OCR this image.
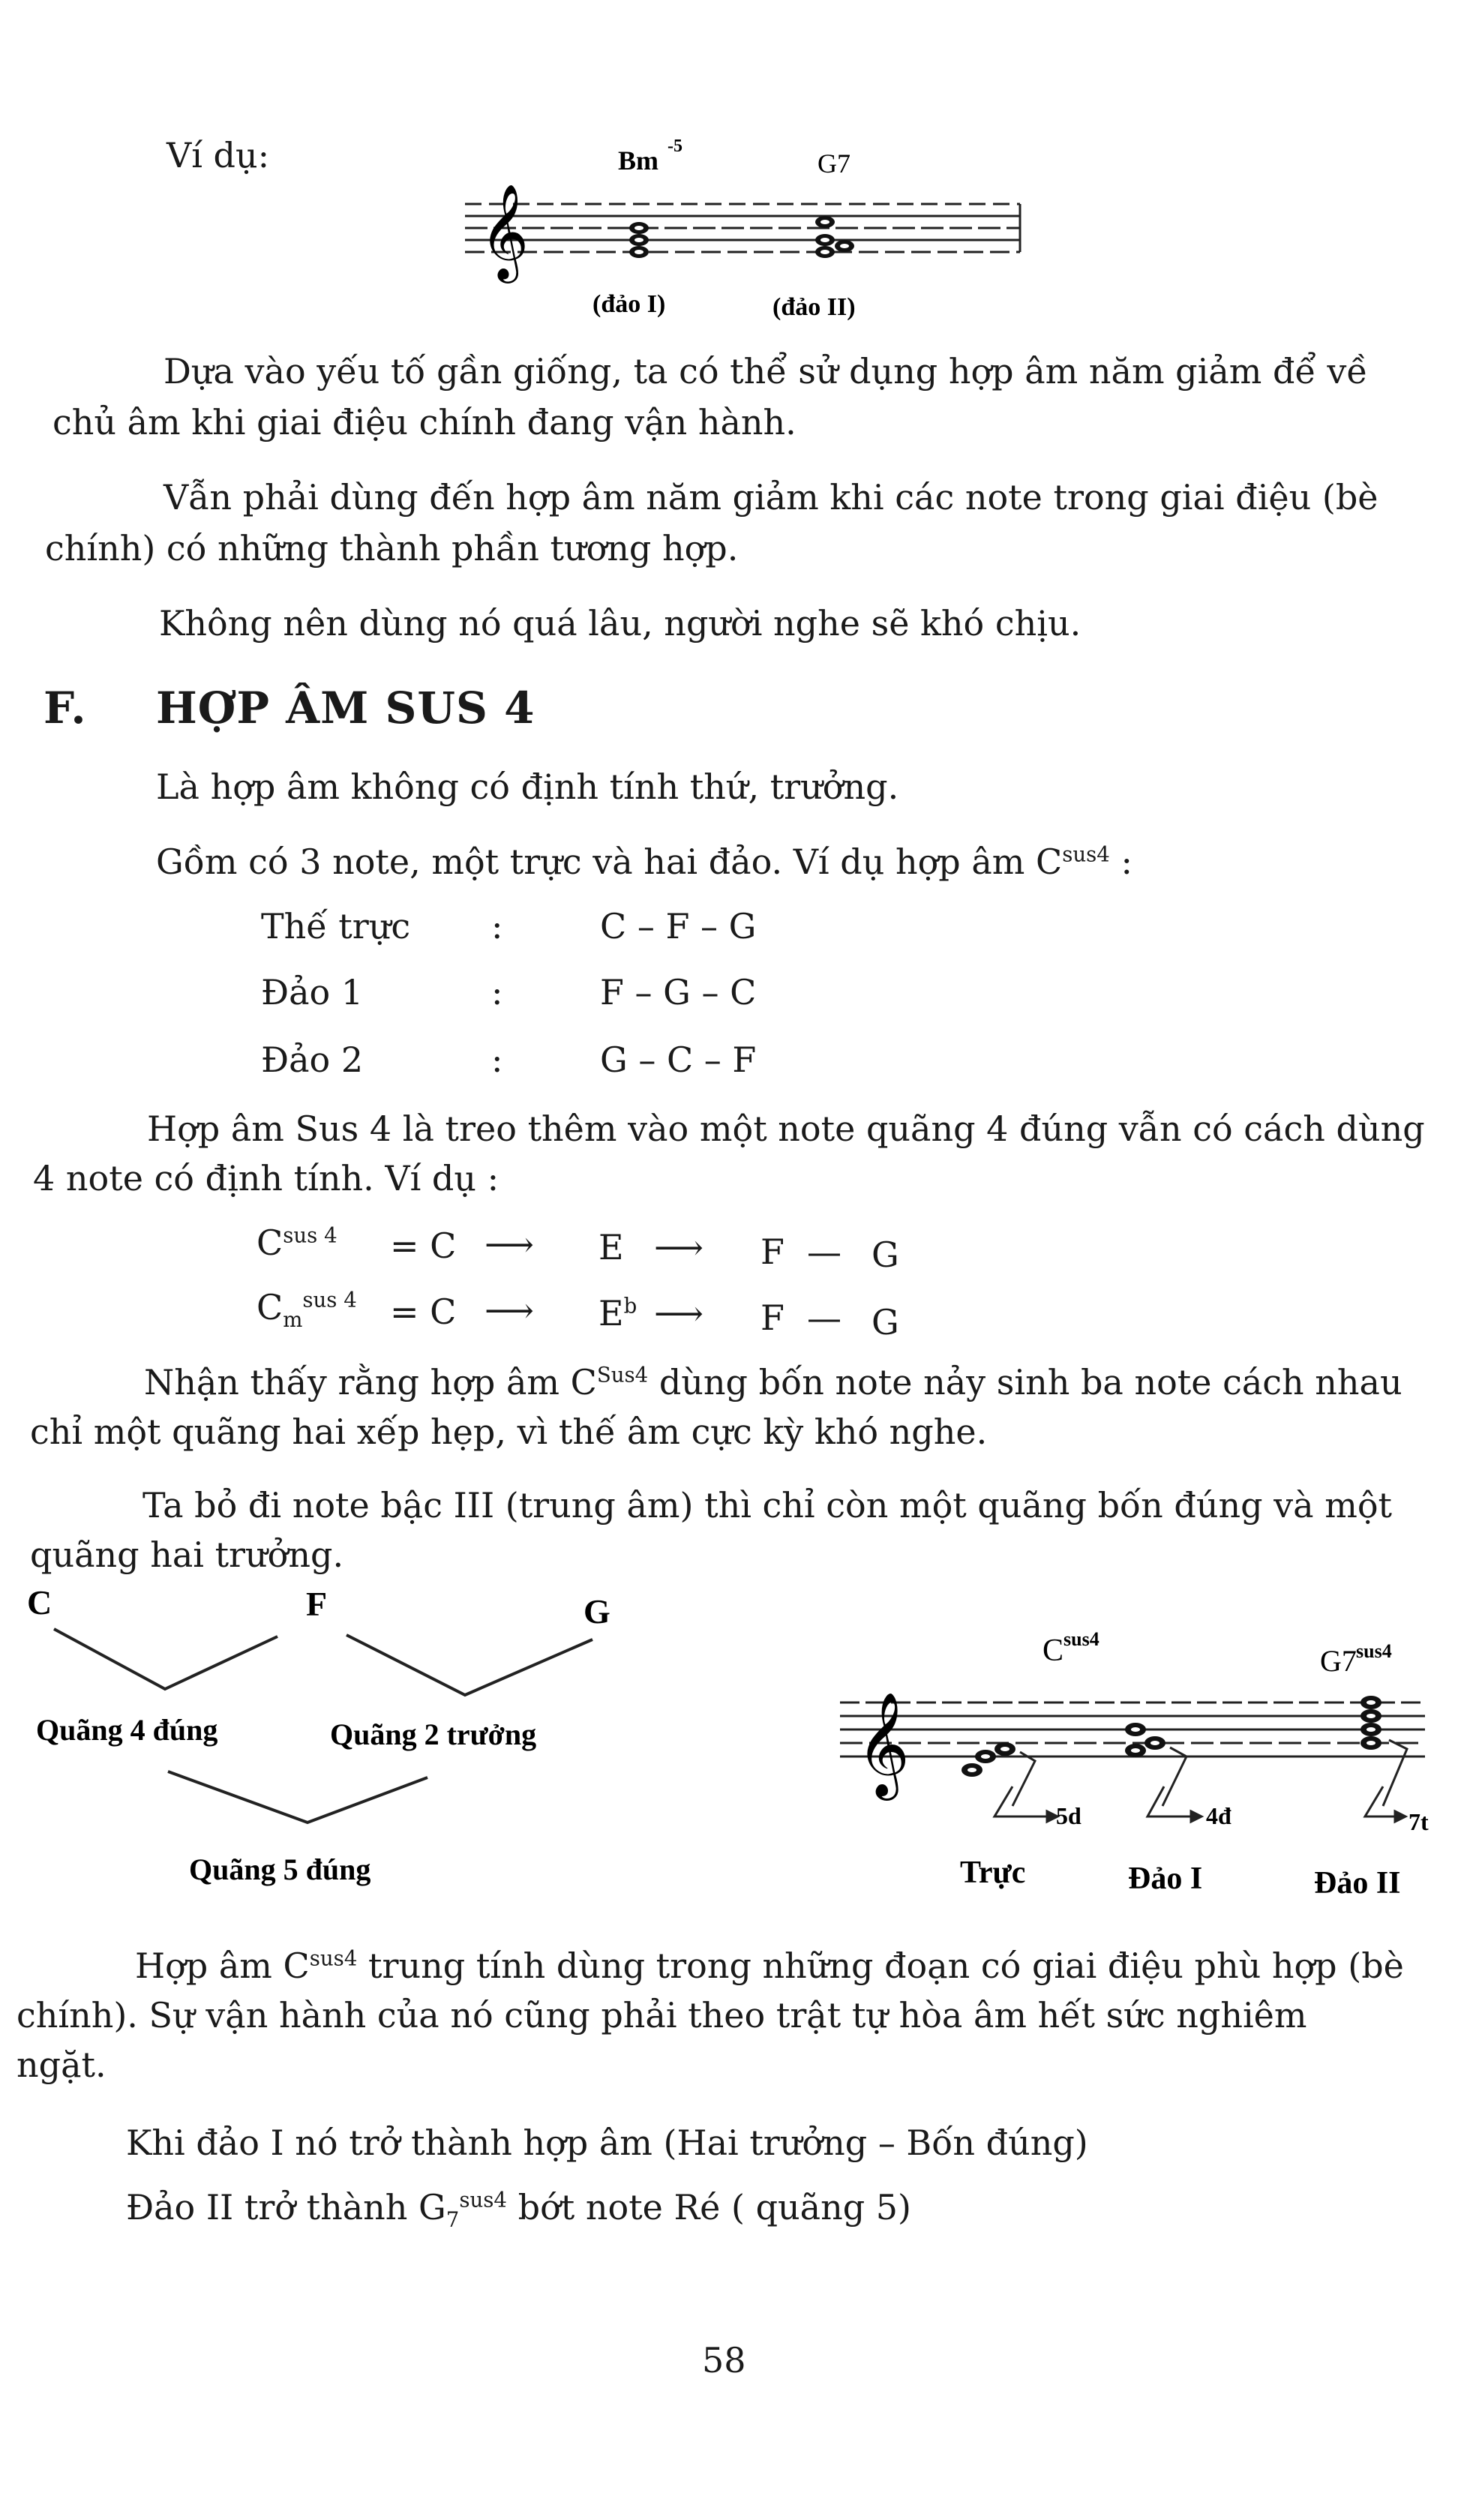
Ví dụ:	Bm -5
G7
𝄞
(đảo I)	(đảo II)
Dựa vào yếu tố gần giống, ta có thể sử dụng hợp âm năm giảm để về
chủ âm khi giai điệu chính đang vận hành.
Vẫn phải dùng đến hợp âm năm giảm khi các note trong giai điệu (bè
chính) có những thành phần tương hợp.
Không nên dùng nó quá lâu, người nghe sẽ khó chịu.
F. HỢP ÂM SUS 4
Là hợp âm không có định tính thứ, trưởng.
Gồm có 3 note, một trực và hai đảo. Ví dụ hợp âm $C^{sus4}$ :
Thế trực :	C – F – G
Đảo 1	:	F – G – C
Đảo 2	:	G – C – F
Hợp âm Sus 4 là treo thêm vào một note quãng 4 đúng vẫn có cách dùng
4 note có định tính. Ví dụ :
$C^{sus 4} = C$ ⟶ E ⟶ F — G
$C_m^{sus 4} = C$ ⟶ $E^b$ ⟶ F — G
Nhận thấy rằng hợp âm $C^{Sus4}$ dùng bốn note nảy sinh ba note cách nhau
chỉ một quãng hai xếp hẹp, vì thế âm cực kỳ khó nghe.
Ta bỏ đi note bậc III (trung âm) thì chỉ còn một quãng bốn đúng và một
quãng hai trưởng.
C	F	G
Quãng 4 đúng	Quãng 2 trưởng
Quãng 5 đúng
C sus4
G7 sus4
𝄞
5d	4đ	7t
Trực	Đảo I	Đảo II
Hợp âm $C^{sus4}$ trung tính dùng trong những đoạn có giai điệu phù hợp (bè
chính). Sự vận hành của nó cũng phải theo trật tự hòa âm hết sức nghiêm
ngặt.
Khi đảo I nó trở thành hợp âm (Hai trưởng – Bốn đúng)
Đảo II trở thành $G_7^{sus4}$ bớt note Ré ( quãng 5)
58
